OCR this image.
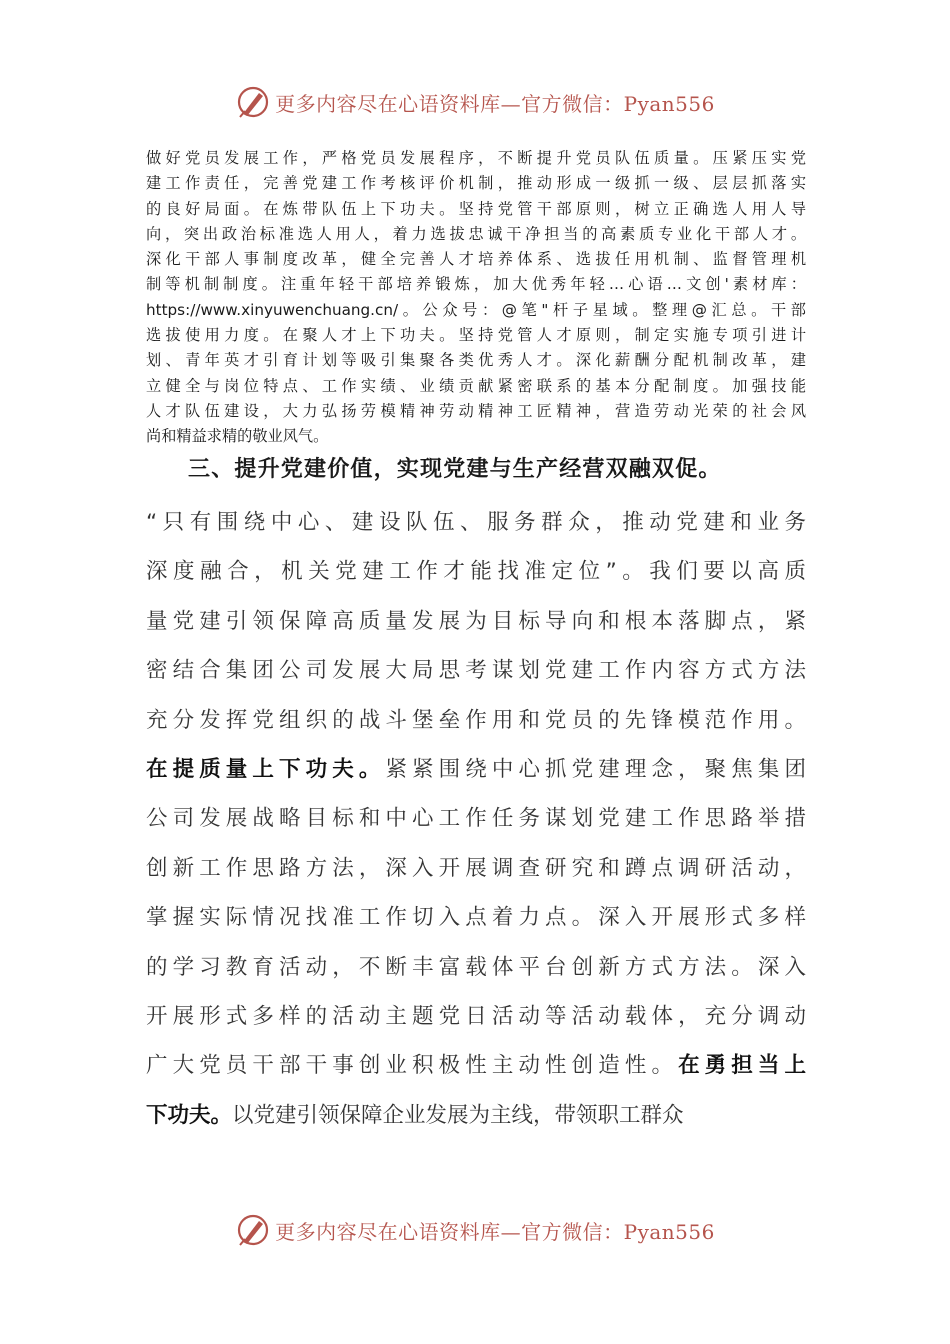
更多内容尽在心语资料库—官方微信：Pyan556
做好党员发展工作，严格党员发展程序，不断提升党员队伍质量。压紧压实党
建工作责任，完善党建工作考核评价机制，推动形成一级抓一级、层层抓落实
的良好局面。在炼带队伍上下功夫。坚持党管干部原则，树立正确选人用人导
向，突出政治标准选人用人，着力选拔忠诚干净担当的高素质专业化干部人才。
深化干部人事制度改革，健全完善人才培养体系、选拔任用机制、监督管理机
制等机制制度。注重年轻干部培养锻炼，加大优秀年轻…心语…文创'素材库：
https://www.xinyuwenchuang.cn/。公众号：@笔"杆子星域。整理@汇总。干部
选拔使用力度。在聚人才上下功夫。坚持党管人才原则，制定实施专项引进计
划、青年英才引育计划等吸引集聚各类优秀人才。深化薪酬分配机制改革，建
立健全与岗位特点、工作实绩、业绩贡献紧密联系的基本分配制度。加强技能
人才队伍建设，大力弘扬劳模精神劳动精神工匠精神，营造劳动光荣的社会风
尚和精益求精的敬业风气。
三、提升党建价值，实现党建与生产经营双融双促。
“只有围绕中心、建设队伍、服务群众，推动党建和业务
深度融合，机关党建工作才能找准定位”。我们要以高质
量党建引领保障高质量发展为目标导向和根本落脚点，紧
密结合集团公司发展大局思考谋划党建工作内容方式方法
充分发挥党组织的战斗堡垒作用和党员的先锋模范作用。
在提质量上下功夫。紧紧围绕中心抓党建理念，聚焦集团
公司发展战略目标和中心工作任务谋划党建工作思路举措
创新工作思路方法，深入开展调查研究和蹲点调研活动，
掌握实际情况找准工作切入点着力点。深入开展形式多样
的学习教育活动，不断丰富载体平台创新方式方法。深入
开展形式多样的活动主题党日活动等活动载体，充分调动
广大党员干部干事创业积极性主动性创造性。在勇担当上
下功夫。以党建引领保障企业发展为主线，带领职工群众
更多内容尽在心语资料库—官方微信：Pyan556
